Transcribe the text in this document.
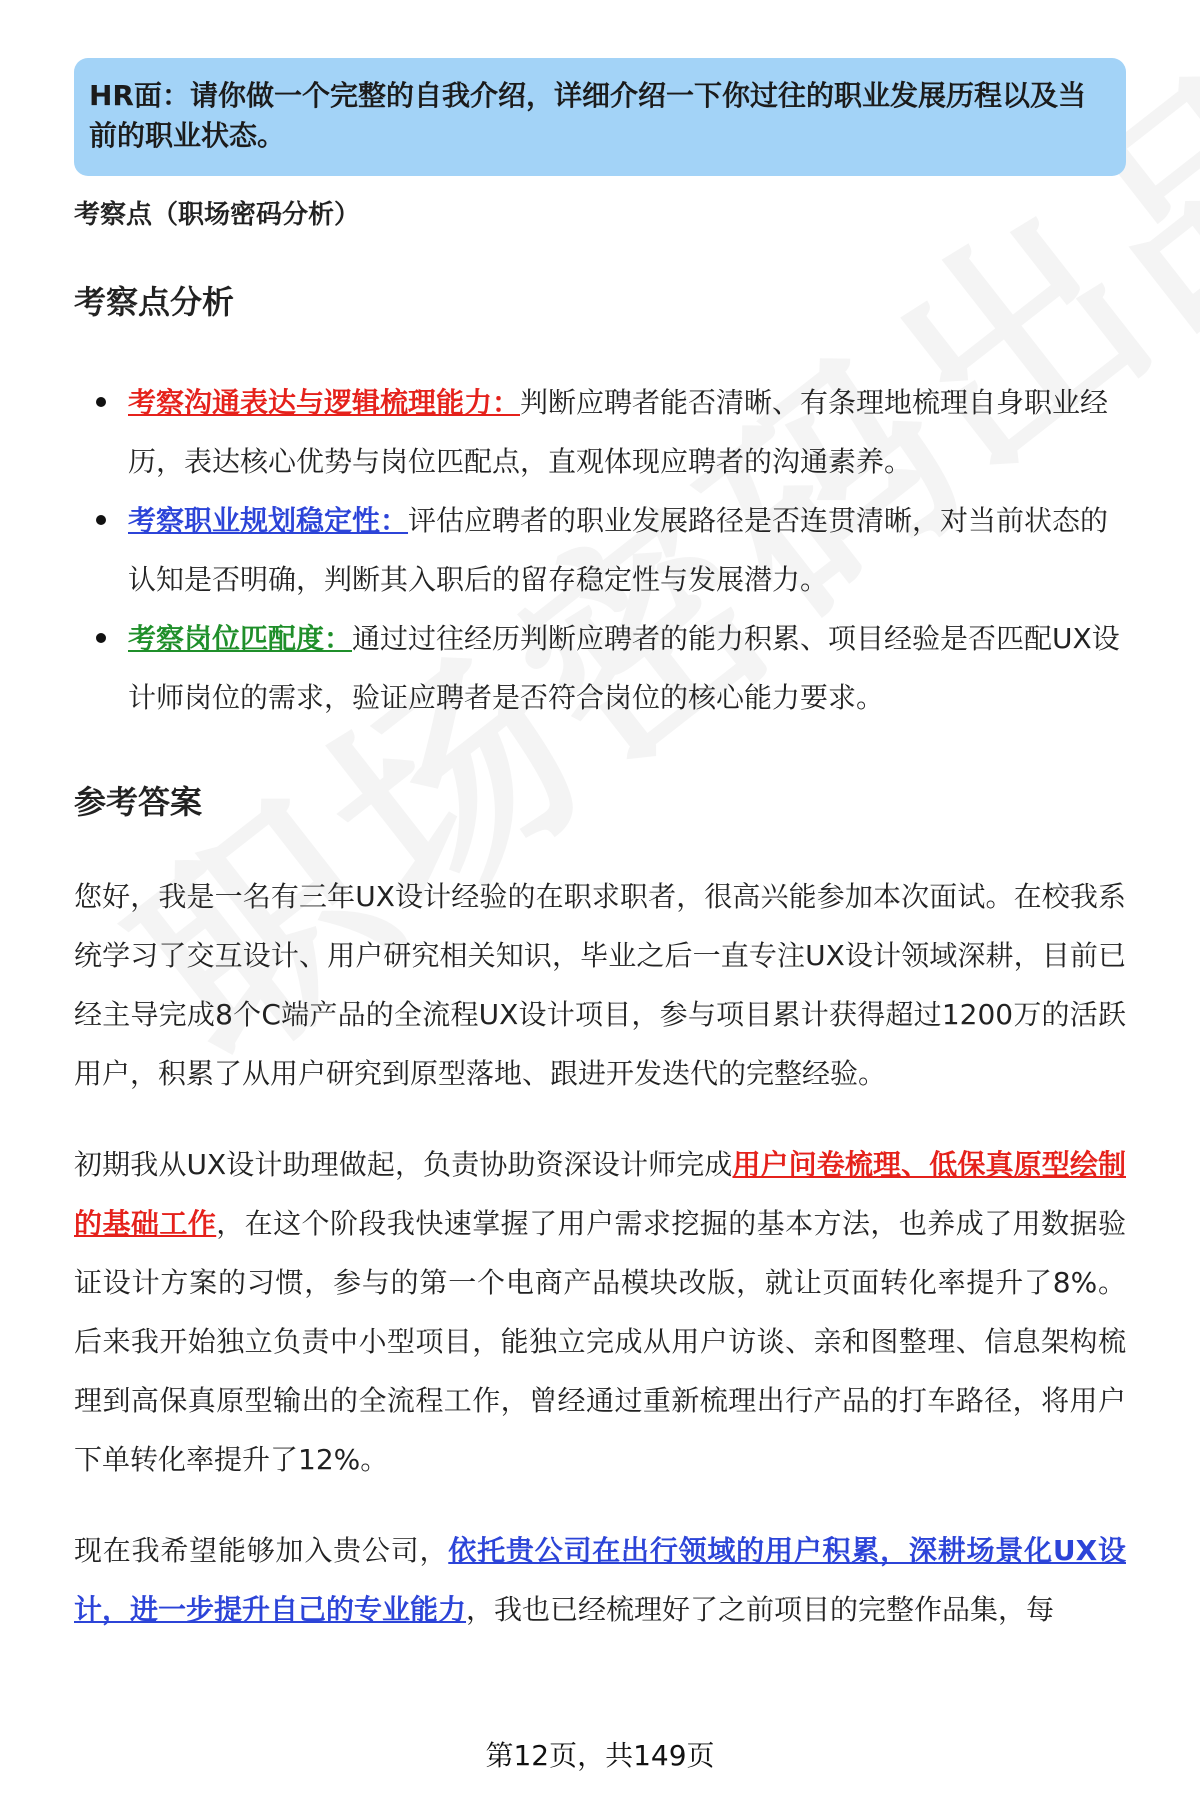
HR面：请你做一个完整的自我介绍，详细介绍一下你过往的职业发展历程以及当前的职业状态。
考察点（职场密码分析）
考察点分析
考察沟通表达与逻辑梳理能力：判断应聘者能否清晰、有条理地梳理自身职业经历，表达核心优势与岗位匹配点，直观体现应聘者的沟通素养。
考察职业规划稳定性：评估应聘者的职业发展路径是否连贯清晰，对当前状态的认知是否明确，判断其入职后的留存稳定性与发展潜力。
考察岗位匹配度：通过过往经历判断应聘者的能力积累、项目经验是否匹配UX设计师岗位的需求，验证应聘者是否符合岗位的核心能力要求。
参考答案

您好，我是一名有三年UX设计经验的在职求职者，很高兴能参加本次面试。在校我系统学习了交互设计、用户研究相关知识，毕业之后一直专注UX设计领域深耕，目前已经主导完成8个C端产品的全流程UX设计项目，参与项目累计获得超过1200万的活跃用户，积累了从用户研究到原型落地、跟进开发迭代的完整经验。

初期我从UX设计助理做起，负责协助资深设计师完成用户问卷梳理、低保真原型绘制的基础工作，在这个阶段我快速掌握了用户需求挖掘的基本方法，也养成了用数据验证设计方案的习惯，参与的第一个电商产品模块改版，就让页面转化率提升了8%。后来我开始独立负责中小型项目，能独立完成从用户访谈、亲和图整理、信息架构梳理到高保真原型输出的全流程工作，曾经通过重新梳理出行产品的打车路径，将用户下单转化率提升了12%。

现在我希望能够加入贵公司，依托贵公司在出行领域的用户积累，深耕场景化UX设计，进一步提升自己的专业能力，我也已经梳理好了之前项目的完整作品集，每

第12页，共149页
